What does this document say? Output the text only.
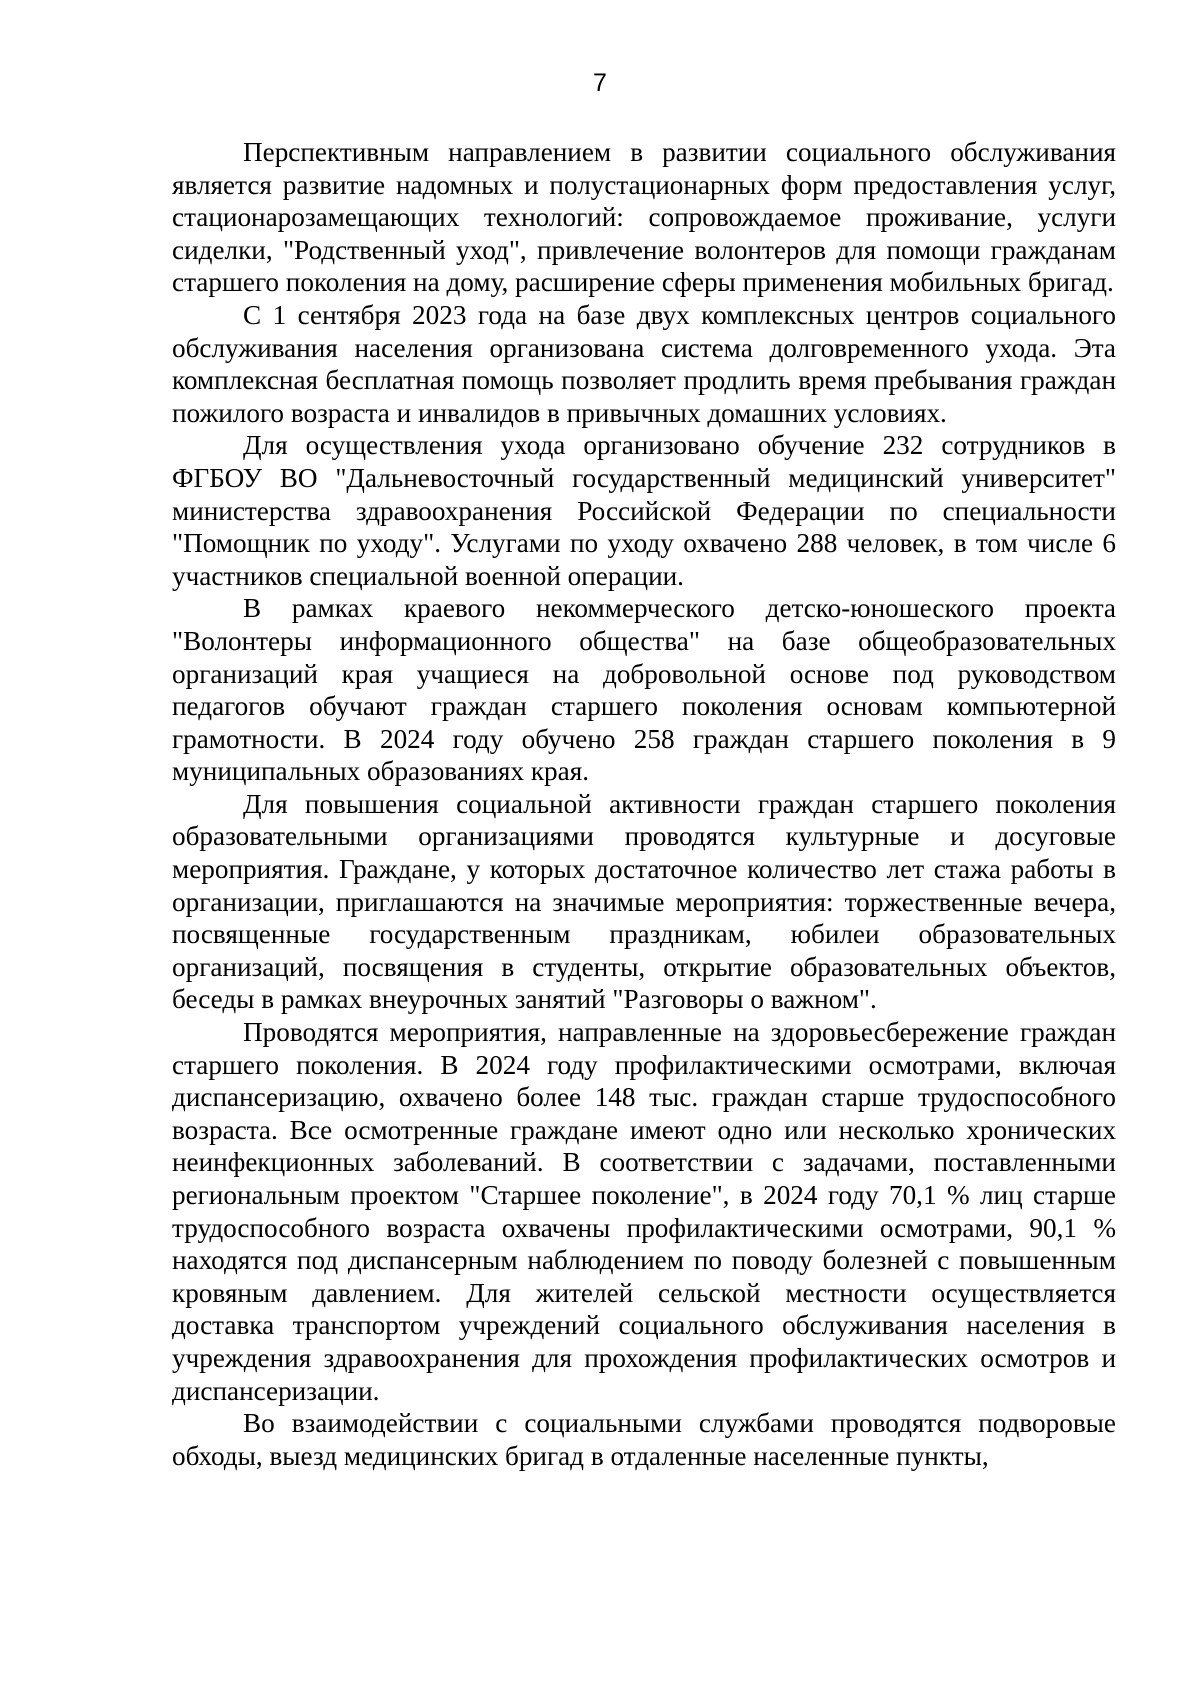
7

Перспективным направлением в развитии социального обслуживания является развитие надомных и полустационарных форм предоставления услуг, стационарозамещающих технологий: сопровождаемое проживание, услуги сиделки, "Родственный уход", привлечение волонтеров для помощи гражданам старшего поколения на дому, расширение сферы применения мобильных бригад.

С 1 сентября 2023 года на базе двух комплексных центров социального обслуживания населения организована система долговременного ухода. Эта комплексная бесплатная помощь позволяет продлить время пребывания граждан пожилого возраста и инвалидов в привычных домашних условиях.

Для осуществления ухода организовано обучение 232 сотрудников в ФГБОУ ВО "Дальневосточный государственный медицинский университет" министерства здравоохранения Российской Федерации по специальности "Помощник по уходу". Услугами по уходу охвачено 288 человек, в том числе 6 участников специальной военной операции.

В рамках краевого некоммерческого детско-юношеского проекта "Волонтеры информационного общества" на базе общеобразовательных организаций края учащиеся на добровольной основе под руководством педагогов обучают граждан старшего поколения основам компьютерной грамотности. В 2024 году обучено 258 граждан старшего поколения в 9 муниципальных образованиях края.

Для повышения социальной активности граждан старшего поколения образовательными организациями проводятся культурные и досуговые мероприятия. Граждане, у которых достаточное количество лет стажа работы в организации, приглашаются на значимые мероприятия: торжественные вечера, посвященные государственным праздникам, юбилеи образовательных организаций, посвящения в студенты, открытие образовательных объектов, беседы в рамках внеурочных занятий "Разговоры о важном".

Проводятся мероприятия, направленные на здоровьесбережение граждан старшего поколения. В 2024 году профилактическими осмотрами, включая диспансеризацию, охвачено более 148 тыс. граждан старше трудоспособного возраста. Все осмотренные граждане имеют одно или несколько хронических неинфекционных заболеваний. В соответствии с задачами, поставленными региональным проектом "Старшее поколение", в 2024 году 70,1 % лиц старше трудоспособного возраста охвачены профилактическими осмотрами, 90,1 % находятся под диспансерным наблюдением по поводу болезней с повышенным кровяным давлением. Для жителей сельской местности осуществляется доставка транспортом учреждений социального обслуживания населения в учреждения здравоохранения для прохождения профилактических осмотров и диспансеризации.

Во взаимодействии с социальными службами проводятся подворовые обходы, выезд медицинских бригад в отдаленные населенные пункты,
